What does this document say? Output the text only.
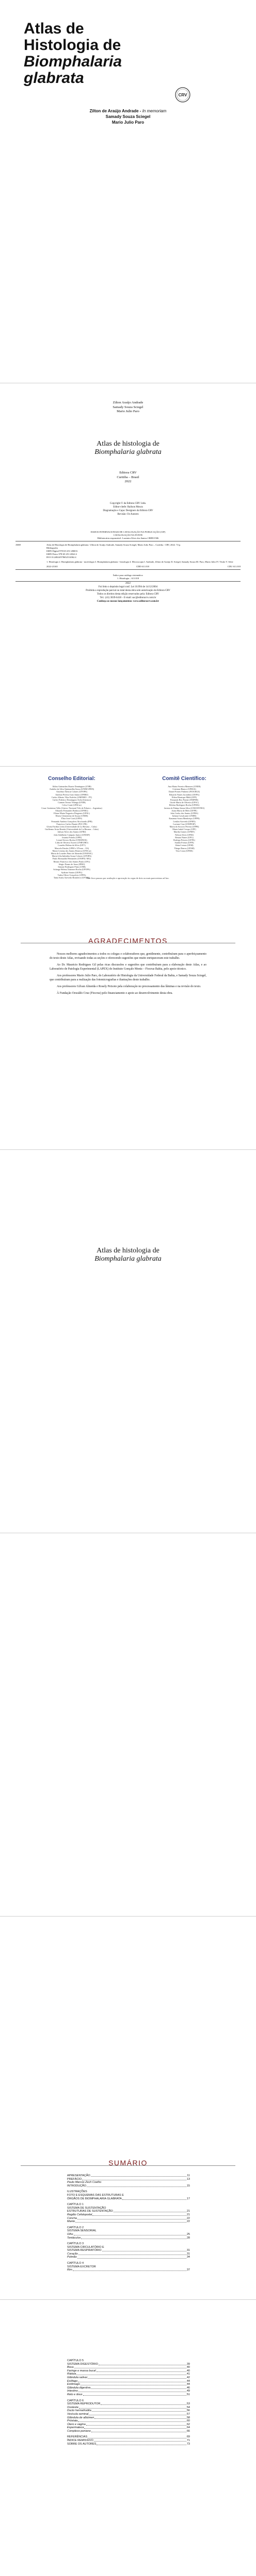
Atlas de
Histologia de
Biomphalaria
glabrata
CRV
Zilton de Araújo Andrade - In memoriam
Samady Souza Sciegel
Mario Julio Paro
Zilton Araújo Andrade
Samady Souza Sciegel
Mario Julio Paro
Atlas de histologia de
Biomphalaria glabrata
Editora CRV
Curitiba – Brasil
2022
Copyright © da Editora CRV Ltda.
Editor-chefe: Railson Moura
Diagramação e Capa: Designers da Editora CRV
Revisão: Os Autores
DADOS INTERNACIONAIS DE CATALOGAÇÃO NA PUBLICAÇÃO (CIP)
CATALOGAÇÃO NA FONTE
Bibliotecária responsável: Luzenira Alves dos Santos CRB9/1506
A869	Atlas de Histologia de Biomphalaria glabrata / Zilton de Araújo Andrade, Samady Souza Sciegel, Mario Julio Paro – Curitiba : CRV, 2022. 74 p.
Bibliografia
ISBN Digital 978-65-251-2068-6
ISBN Físico 978-65-251-2062-4
DOI 10.24824/978652512062.4
1. Histologia 2. Biomphalaria glabrata - morfologia 3. Biomphalaria glabrata - histologia 4. Microscopia I. Andrade, Zilton de Araújo II. Sciegel, Samady Souza III. Paro, Mario Julio IV. Título V. Série
2022-23165	CDD 611.018	CDU 611.018
Índice para catálogo sistemático
1. Histologia – 611.018
2022
Foi feito o depósito legal conf. Lei 10.994 de 14/12/2004
Proibida a reprodução parcial ou total desta obra sem autorização da Editora CRV
Todos os direitos desta edição reservados pela: Editora CRV
Tel.: (41) 3039-6418 – E-mail: sac@editoracrv.com.br
Conheça os nossos lançamentos: www.editoracrv.com.br
Conselho Editorial:
Aldira Guimarães Duarte Domínguez (UNB)
Andréia da Silva Quintanilha Sousa (UNIR/UFRN)
Anselmo Alencar Colares (UFOPA)
Antônio Pereira Gaio Júnior (UFRRJ)
Carlos Alberto Vilar Estêvão (UMINHO – PT)
Carlos Federico Dominguez Avila (Unieuro)
Carmen Tereza Velanga (UNIR)
Celso Conti (UFSCar)
Cesar Gerónimo Tello (Univer. Nacional Três de Febrero – Argentina)
Eduardo Fernandes Barbosa (UFMG)
Elione Maria Nogueira Diogenes (UFAL)
Elizeu Clementino de Souza (UNEB)
Élsio José Corá (UFFS)
Fernando Antônio Gonçalves Alcoforado (IPB)
Francisco Carlos Duarte (PUC-PR)
Gloria Fariñas León (Universidade de La Havana – Cuba)
Guillermo Arias Beatón (Universidade de La Havana – Cuba)
Jailson Alves dos Santos (UFRJ)
João Adalberto Campato Junior (UNESP)
Josania Portela (UFPI)
Leonel Severo Rocha (UNISINOS)
Lídia de Oliveira Xavier (UNIEURO)
Lourdes Helena da Silva (UFV)
Marcelo Paixão (UFRJ e UTexas – US)
Maria Cristina dos Santos Bezerra (UFSCar)
Maria de Lourdes Pinto de Almeida (UNOESC)
Maria Lília Imbiriba Sousa Colares (UFOPA)
Paulo Romualdo Hernandes (UNIFAL-MG)
Renato Francisco dos Santos Paula (UFG)
Sérgio Nunes de Jesus (IFRO)
Simone Rodrigues Pinto (UNB)
Solange Helena Ximenes-Rocha (UFOPA)
Sydione Santos (UEPG)
Tadeu Oliver Gonçalves (UFPA)
Tania Suely Azevedo Brasileiro (UFOPA)
Comitê Científico:
Ana Maria Ferreira Menezes (UNEB)
Cristiane Bianco (UFRGS)
Daniel Pontes Pinheiro (FIOCRUZ)
Eduardo Nunes Jacondino (UEPG)
Eldon Henrique Mühl (UPF)
Fernando Rey Puente (INSPER)
Gisele Maria de Oliveira (UFSC)
Heloísa Rodrigues Rocha (UFMG)
Jacinta de Fátima Senna Silva (UNICENTRO)
Joana Maria de Melo (UFPE)
João Carlos dos Santos (UFBA)
Juliana Cavalcante (UNEB)
Kauanna Souza Mendonça (UFPR)
Lenilza Azevedo (UFRN)
Luciane Cruz (UNIFESP)
Maria do Socorro Pereira (UFPB)
Maria Isabel Crespo (UFF)
Marilia Gomes (UFMT)
Nelson Alves (UFRJ)
Renata Nunes (UFG)
Rodrigo Peixoto (UFPA)
Sandra Freitas (UFPI)
Sônia Lemos (UEM)
Thiago Barros (UFSM)
Vera Costa (UFMS)
Este livro passou por avaliação e aprovação às cegas de dois ou mais pareceristas ad hoc.
AGRADECIMENTOS

Nossos melhores agradecimentos a todos os colegas e colaboradores que, gentilmente, contribuíram para o aperfeiçoamento do texto deste Atlas, revisando todas as seções e oferecendo sugestões que muito enriqueceram este trabalho.

Ao Dr. Mauricio Rodrigues Gil pelas ricas discussões e sugestões que contribuíram para a elaboração deste Atlas, e ao Laboratório de Patologia Experimental (LAPEX) do Instituto Gonçalo Moniz – Fiocruz Bahia, pelo apoio técnico.

Aos professores Mario Julio Paro, do Laboratório de Histologia da Universidade Federal da Bahia, e Samady Souza Sciegel, que contribuíram para a realização das fotomicrografias e ilustrações deste trabalho.

Aos professores Gilvan Almeida e Rosely Peixoto pela colaboração no processamento das lâminas e na revisão do texto.

À Fundação Oswaldo Cruz (Fiocruz) pelo financiamento e apoio ao desenvolvimento desta obra.

Atlas de histologia de
Biomphalaria glabrata
SUMÁRIO
APRESENTAÇÃO	11
PREFÁCIO	13
Paulo Marcos Zech Coelho
INTRODUÇÃO	15
ILUSTRAÇÕES
FOTO E ESQUEMAS DAS ESTRUTURAS E
ÓRGÃOS DE BIOMPHALARIA GLABRATA	17
CAPÍTULO 1
SISTEMA DE SUSTENTAÇÃO
ESTRUTURAS DE SUSTENTAÇÃO	21
Região Cefalopodal	21
Concha	22
Manto	22
CAPÍTULO 2
SISTEMA SENSORIAL
Olho	25
Tentáculos	28
CAPÍTULO 3
SISTEMA CIRCULATÓRIO E
SISTEMA RESPIRATÓRIO	31
Coração	31
Pulmão	34
CAPÍTULO 4
SISTEMA EXCRETOR
Rim	37
CAPÍTULO 5
SISTEMA DIGESTÓRIO	39
Boca	40
Faringe e massa bucal	40
Rádula	41
Glândula salivar	42
Esôfago	44
Estômago	44
Glândula digestiva	46
Intestino	49
Reto e ânus	51
CAPÍTULO 6
SISTEMA REPRODUTOR	53
Ovoteste	54
Ducto hermafrodita	56
Vesícula seminal	57
Glândula de albúmen	58
Próstata	60
Útero e vagina	62
Espermateca	64
Complexo peniano	66
REFERÊNCIAS	69
ÍNDICE REMISSIVO	71
SOBRE OS AUTORES	73
